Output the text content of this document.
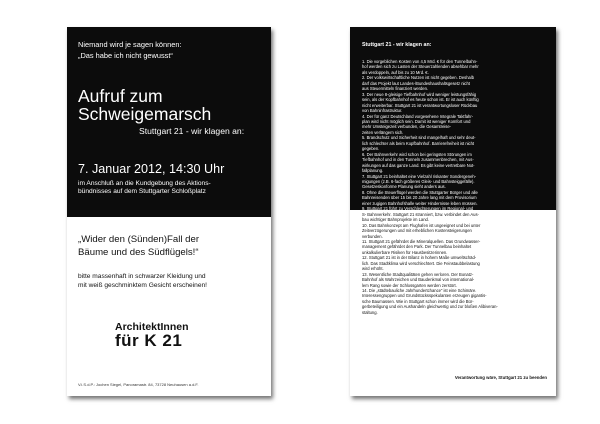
Niemand wird je sagen können:
„Das habe ich nicht gewusst“
Aufruf zum
Schweigemarsch
Stuttgart 21 - wir klagen an:
7. Januar 2012, 14:30 Uhr
im Anschluß an die Kundgebung des Aktions-
bündnisses auf dem Stuttgarter Schloßplatz
„Wider den (Sünden)Fall der
Bäume und des Südflügels!“
bitte massenhaft in schwarzer Kleidung und
mit weiß geschminktem Gesicht erscheinen!
ArchitektInnen
für K 21
V.i.S.d.P.: Jochen Siegel, Panoramastr. 84, 73728 Neuhausen a.d.F.
Stuttgart 21 - wir klagen an:
1. Die vorgeblichen Kosten von 4,5 Mrd. € für den Tunnelbahn-
hof werden sich zu Lasten der Steuerzahlenden absehbar mehr
als verdoppeln, auf bis zu 10 Mrd. €.
2. Der volkswirtschaftliche Nutzen ist nicht gegeben. Deshalb
darf das Projekt laut Landes-/Bundeshaushaltsgesetz nicht
aus Steuermitteln finanziert werden.
3. Der neue 8-gleisige Tiefbahnhof wird weniger leistungsfähig
sein, als der Kopfbahnhof es heute schon ist. Er ist auch künftig
nicht erweiterbar. Stuttgart 21 ist verantwortungsloser Rückbau
von Bahninfrastruktur.
4. Der für ganz Deutschland vorgesehene Integrale Taktfahr-
plan wird nicht möglich sein. Damit ist weniger Komfort und
mehr Umsteigezeit verbunden, die Gesamtreise-
zeiten verlängern sich.
5. Brandschutz und Sicherheit sind mangelhaft und sehr deut-
lich schlechter als beim Kopfbahnhof. Barrierefreiheit ist nicht
gegeben.
6. Der Bahnverkehr wird schon bei geringsten Störungen im
Tiefbahnhof und in den Tunneln zusammenbrechen, mit Aus-
wirkungen auf das ganze Land. Es gibt keine vertretbare Not-
fallplanung.
7. Stuttgart 21 beinhaltet eine Vielzahl riskanter Sondergeneh-
migungen (z.B. 6-fach größeres Gleis- und Bahnsteiggefälle).
Gesetzeskonforme Planung sieht anders aus.
8. Ohne die Steuerflügel werden die Stuttgarter Bürger und alle
Bahnreisenden über 15 bis 20 Jahre lang mit dem Provisorium
einer zugigen Bahnhofshalle weiter Hindernisse leben müssen.
9. Stuttgart 21 führt zu Verschlechterungen im Regional- und
S- Bahnverkehr. Stuttgart 21 stranniert, bzw. verbindet den Aus-
bau wichtiger Bahnprojekte im Land.
10. Das Bahnkonzept am Flughafen ist ungeeignet und bei unter
Zeitverzögerungen und mit erheblichen Kostensteigerungen
verbunden.
11. Stuttgart 21 gefährdet die Mineralquellen. Das Grundwasser-
management gefährdet den Park. Der Tunnelbau beinhaltet
unkalkulierbare Risiken für Hausbesitzerinnen.
12. Stuttgart 21 ist in der Bilanz in hohem Maße umweltschäd-
lich. Das Stadtklima wird verschlechtert. Die Feinstaubbelastung
wird erhöht.
13. Wesentliche Stadtqualitäten gehen verloren. Der Bonatz-
Bahnhof als Wahrzeichen und Baudenkmal von international-
lem Rang sowie der Schlossgarten werden zerstört.
14. Die „städtebauliche Jahrhundertchance“ ist eine Schimäre.
Interessengruppen und Grundstücksspekulanten erzeugen gigantis-
sche Baumassen. Wie in Stuttgart schon immer wird die Bür-
gerbeteiligung und ein Aushandeln gleichwertig und zur bloßen Alibiveran-
staltung.
Verantwortung wäre, Stuttgart 21 zu beenden
